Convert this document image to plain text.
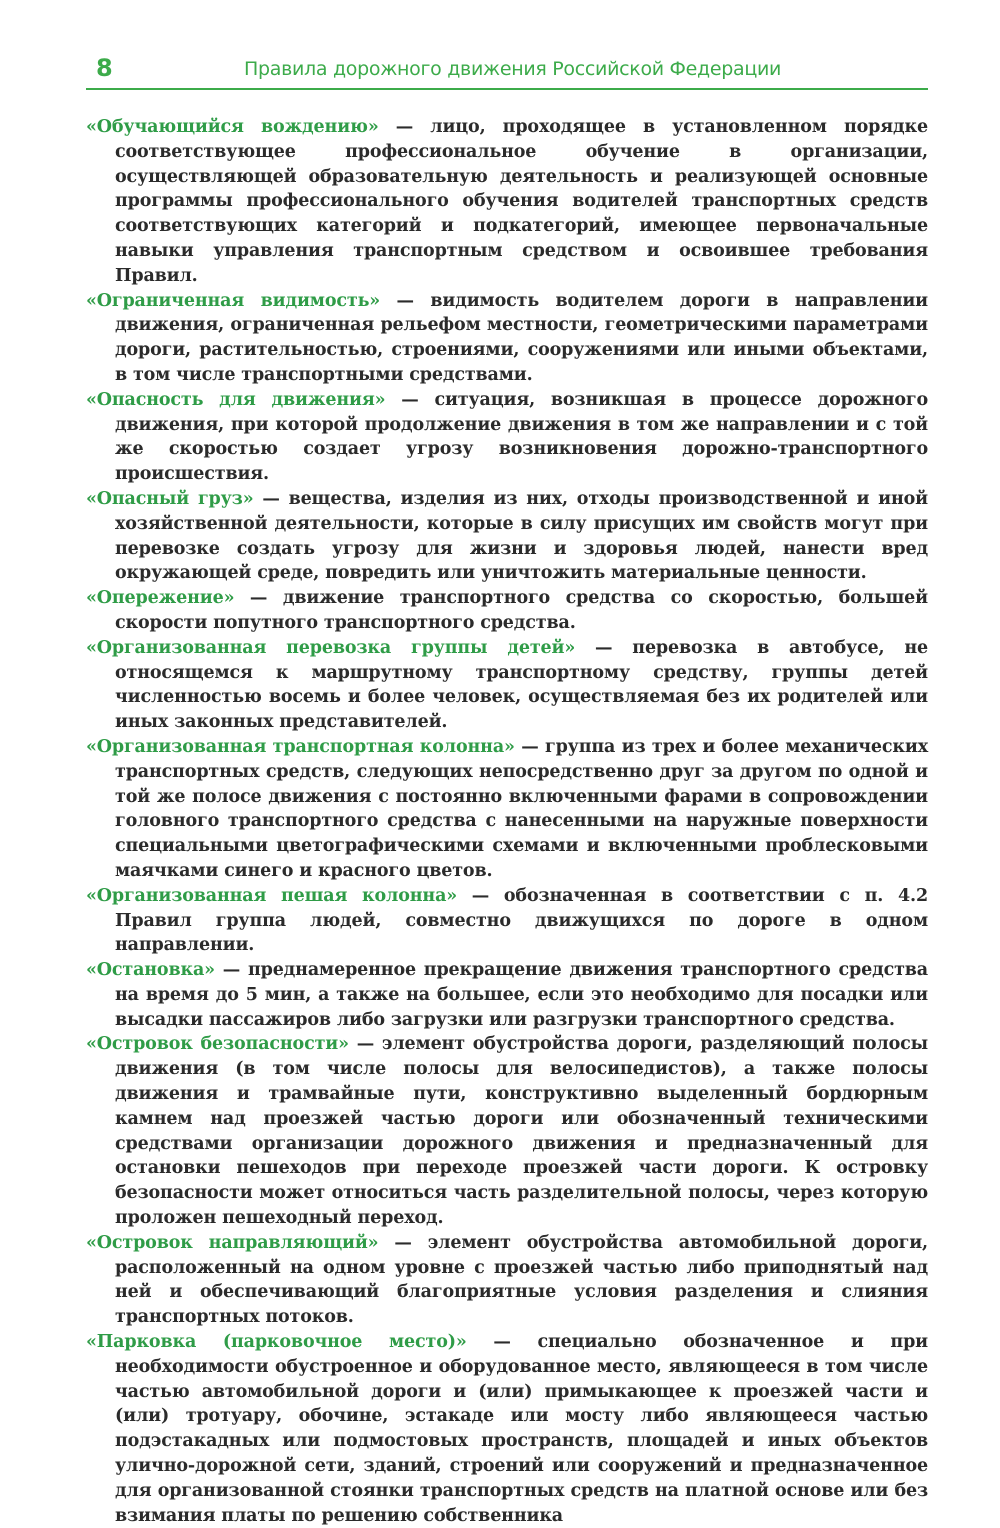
8	Правила дорожного движения Российской Федерации

«Обучающийся вождению» — лицо, проходящее в установленном порядке соответствующее профессиональное обучение в организации, осуществляющей образовательную деятельность и реализующей основные программы профессионального обучения водителей транспортных средств соответствующих категорий и подкатегорий, имеющее первоначальные навыки управления транспортным средством и освоившее требования Правил.

«Ограниченная видимость» — видимость водителем дороги в направлении движения, ограниченная рельефом местности, геометрическими параметрами дороги, растительностью, строениями, сооружениями или иными объектами, в том числе транспортными средствами.

«Опасность для движения» — ситуация, возникшая в процессе дорожного движения, при которой продолжение движения в том же направлении и с той же скоростью создает угрозу возникновения дорожно-транспортного происшествия.

«Опасный груз» — вещества, изделия из них, отходы производственной и иной хозяйственной деятельности, которые в силу присущих им свойств могут при перевозке создать угрозу для жизни и здоровья людей, нанести вред окружающей среде, повредить или уничтожить материальные ценности.

«Опережение» — движение транспортного средства со скоростью, большей скорости попутного транспортного средства.

«Организованная перевозка группы детей» — перевозка в автобусе, не относящемся к маршрутному транспортному средству, группы детей численностью восемь и более человек, осуществляемая без их родителей или иных законных представителей.

«Организованная транспортная колонна» — группа из трех и более механических транспортных средств, следующих непосредственно друг за другом по одной и той же полосе движения с постоянно включенными фарами в сопровождении головного транспортного средства с нанесенными на наружные поверхности специальными цветографическими схемами и включенными проблесковыми маячками синего и красного цветов.

«Организованная пешая колонна» — обозначенная в соответствии с п. 4.2 Правил группа людей, совместно движущихся по дороге в одном направлении.

«Остановка» — преднамеренное прекращение движения транспортного средства на время до 5 мин, а также на большее, если это необходимо для посадки или высадки пассажиров либо загрузки или разгрузки транспортного средства.

«Островок безопасности» — элемент обустройства дороги, разделяющий полосы движения (в том числе полосы для велосипедистов), а также полосы движения и трамвайные пути, конструктивно выделенный бордюрным камнем над проезжей частью дороги или обозначенный техническими средствами организации дорожного движения и предназначенный для остановки пешеходов при переходе проезжей части дороги. К островку безопасности может относиться часть разделительной полосы, через которую проложен пешеходный переход.

«Островок направляющий» — элемент обустройства автомобильной дороги, расположенный на одном уровне с проезжей частью либо приподнятый над ней и обеспечивающий благоприятные условия разделения и слияния транспортных потоков.

«Парковка (парковочное место)» — специально обозначенное и при необходимости обустроенное и оборудованное место, являющееся в том числе частью автомобильной дороги и (или) примыкающее к проезжей части и (или) тротуару, обочине, эстакаде или мосту либо являющееся частью подэстакадных или подмостовых пространств, площадей и иных объектов улично-дорожной сети, зданий, строений или сооружений и предназначенное для организованной стоянки транспортных средств на платной основе или без взимания платы по решению собственника
